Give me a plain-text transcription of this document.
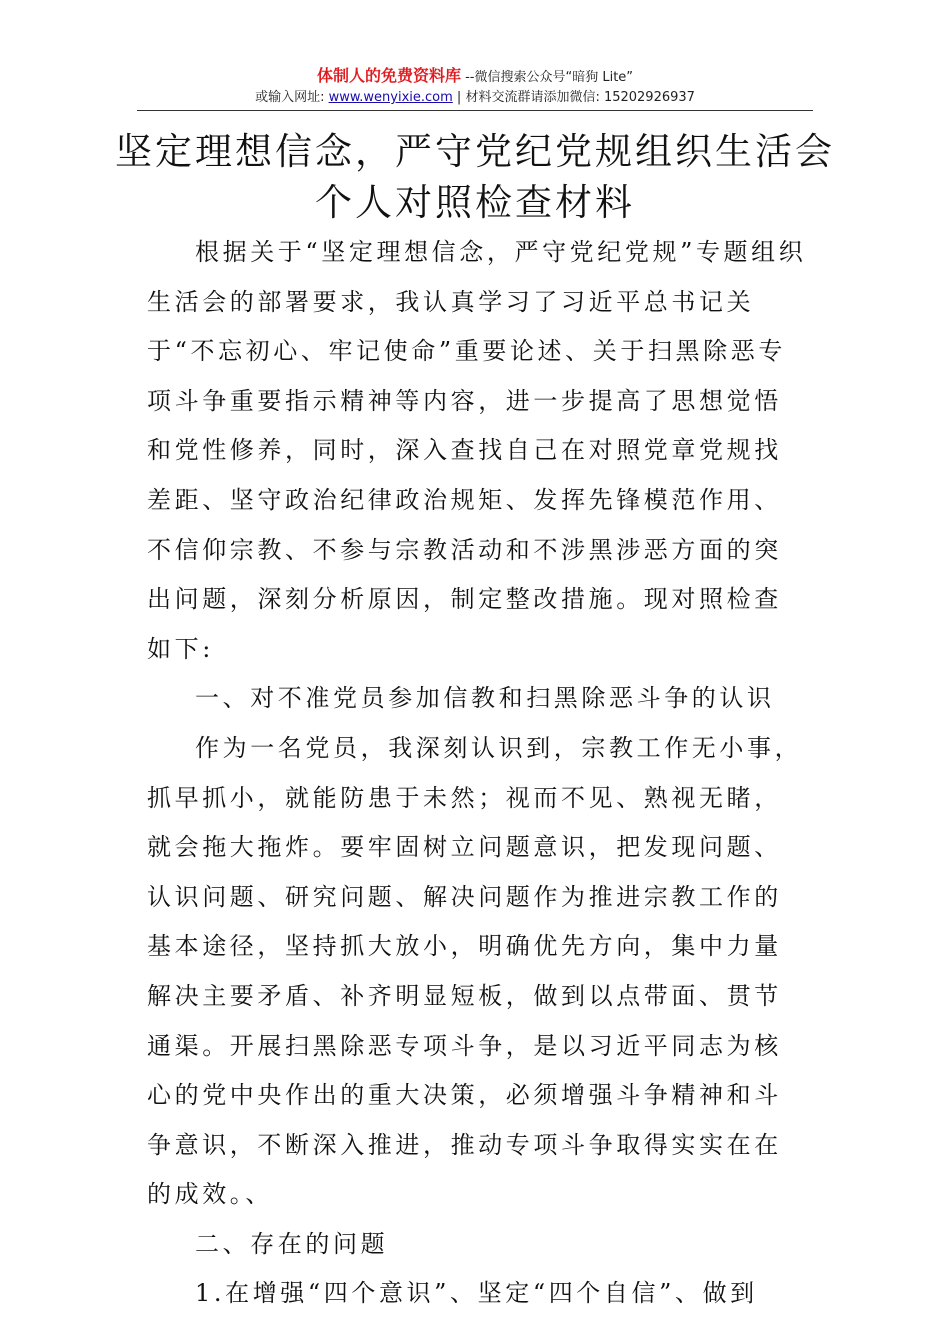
体制人的免费资料库 --微信搜索公众号“暗狗 Lite”
或输入网址: www.wenyixie.com | 材料交流群请添加微信: 15202926937
坚定理想信念，严守党纪党规组织生活会
个人对照检查材料

根据关于“坚定理想信念，严守党纪党规”专题组织生活会的部署要求，我认真学习了习近平总书记关于“不忘初心、牢记使命”重要论述、关于扫黑除恶专项斗争重要指示精神等内容，进一步提高了思想觉悟和党性修养，同时，深入查找自己在对照党章党规找差距、坚守政治纪律政治规矩、发挥先锋模范作用、不信仰宗教、不参与宗教活动和不涉黑涉恶方面的突出问题，深刻分析原因，制定整改措施。现对照检查如下:

一、对不准党员参加信教和扫黑除恶斗争的认识

作为一名党员，我深刻认识到，宗教工作无小事，抓早抓小，就能防患于未然；视而不见、熟视无睹，就会拖大拖炸。要牢固树立问题意识，把发现问题、认识问题、研究问题、解决问题作为推进宗教工作的基本途径，坚持抓大放小，明确优先方向，集中力量解决主要矛盾、补齐明显短板，做到以点带面、贯节通渠。开展扫黑除恶专项斗争，是以习近平同志为核心的党中央作出的重大决策，必须增强斗争精神和斗争意识，不断深入推进，推动专项斗争取得实实在在的成效。、

二、存在的问题

1.在增强“四个意识”、坚定“四个自信”、做到
